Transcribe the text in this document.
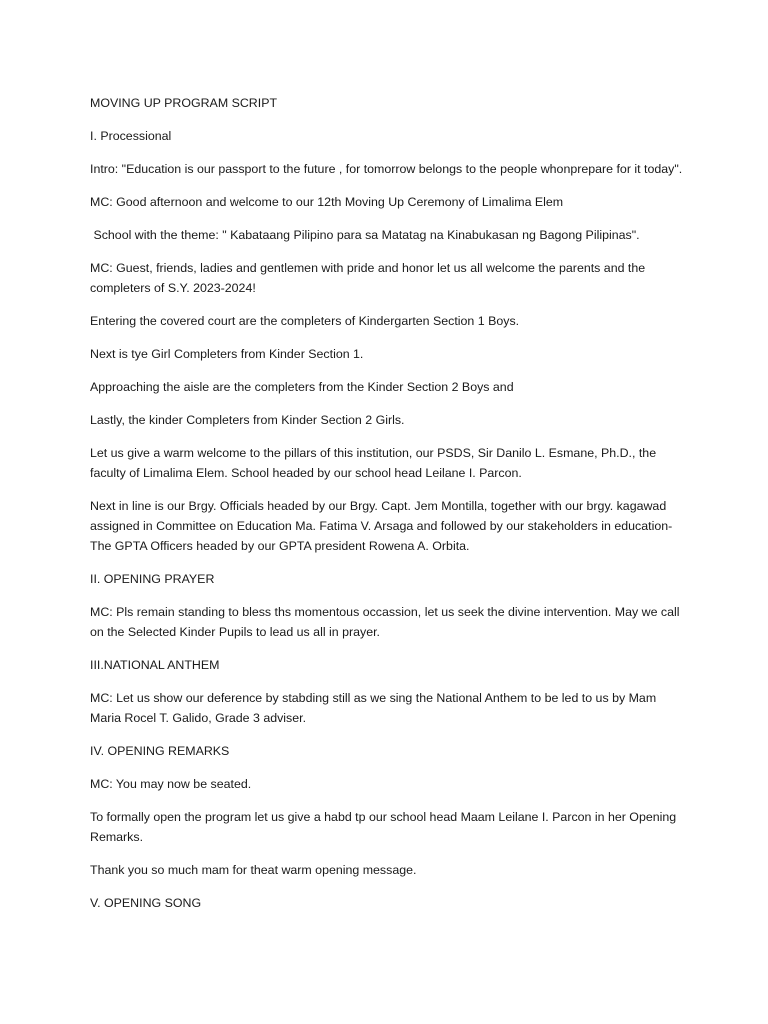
MOVING UP PROGRAM SCRIPT

I. Processional

Intro: "Education is our passport to the future , for tomorrow belongs to the people whonprepare for it today".

MC: Good afternoon and welcome to our 12th Moving Up Ceremony of Limalima Elem

School with the theme: " Kabataang Pilipino para sa Matatag na Kinabukasan ng Bagong Pilipinas".

MC: Guest, friends, ladies and gentlemen with pride and honor let us all welcome the parents and the completers of S.Y. 2023-2024!

Entering the covered court are the completers of Kindergarten Section 1 Boys.

Next is tye Girl Completers from Kinder Section 1.

Approaching the aisle are the completers from the Kinder Section 2 Boys and

Lastly, the kinder Completers from Kinder Section 2 Girls.

Let us give a warm welcome to the pillars of this institution, our PSDS, Sir Danilo L. Esmane, Ph.D., the faculty of Limalima Elem. School headed by our school head Leilane I. Parcon.

Next in line is our Brgy. Officials headed by our Brgy. Capt. Jem Montilla, together with our brgy. kagawad assigned in Committee on Education Ma. Fatima V. Arsaga and followed by our stakeholders in education- The GPTA Officers headed by our GPTA president Rowena A. Orbita.

II. OPENING PRAYER

MC: Pls remain standing to bless ths momentous occassion, let us seek the divine intervention. May we call on the Selected Kinder Pupils to lead us all in prayer.

III.NATIONAL ANTHEM

MC: Let us show our deference by stabding still as we sing the National Anthem to be led to us by Mam Maria Rocel T. Galido, Grade 3 adviser.

IV. OPENING REMARKS

MC: You may now be seated.

To formally open the program let us give a habd tp our school head Maam Leilane I. Parcon in her Opening Remarks.

Thank you so much mam for theat warm opening message.

V. OPENING SONG
